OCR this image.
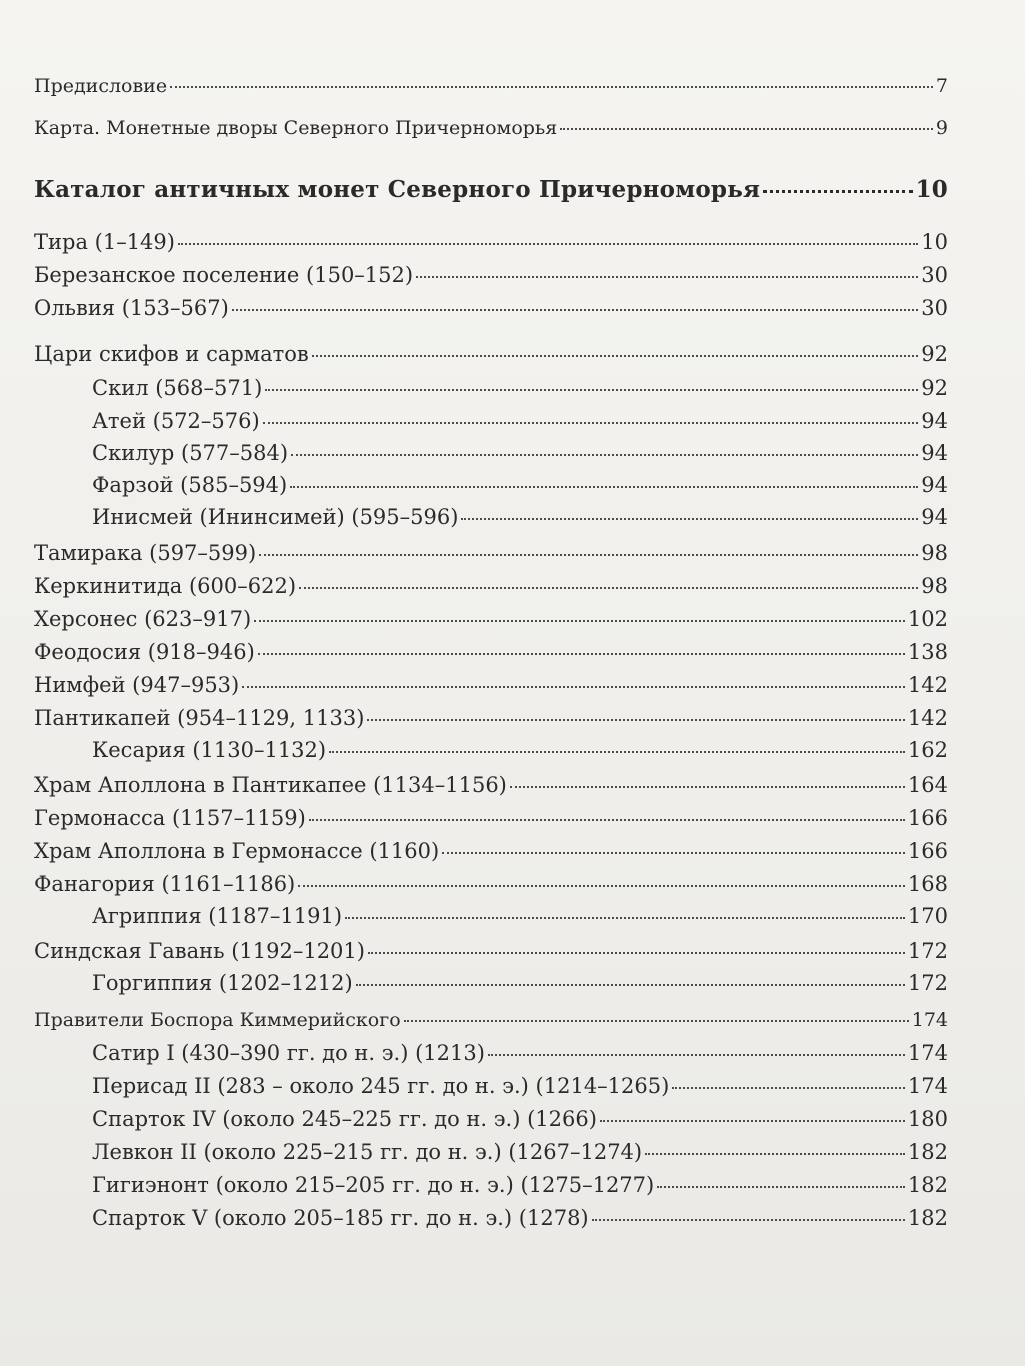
Предисловие	7
Карта. Монетные дворы Северного Причерноморья	9
Каталог античных монет Северного Причерноморья	10
Тира (1–149)	10
Березанское поселение (150–152)	30
Ольвия (153–567)	30
Цари скифов и сарматов	92
Скил (568–571)	92
Атей (572–576)	94
Скилур (577–584)	94
Фарзой (585–594)	94
Инисмей (Ининсимей) (595–596)	94
Тамирака (597–599)	98
Керкинитида (600–622)	98
Херсонес (623–917)	102
Феодосия (918–946)	138
Нимфей (947–953)	142
Пантикапей (954–1129, 1133)	142
Кесария (1130–1132)	162
Храм Аполлона в Пантикапее (1134–1156)	164
Гермонасса (1157–1159)	166
Храм Аполлона в Гермонассе (1160)	166
Фанагория (1161–1186)	168
Агриппия (1187–1191)	170
Синдская Гавань (1192–1201)	172
Горгиппия (1202–1212)	172
Правители Боспора Киммерийского	174
Сатир I (430–390 гг. до н. э.) (1213)	174
Перисад II (283 – около 245 гг. до н. э.) (1214–1265)	174
Спарток IV (около 245–225 гг. до н. э.) (1266)	180
Левкон II (около 225–215 гг. до н. э.) (1267–1274)	182
Гигиэнонт (около 215–205 гг. до н. э.) (1275–1277)	182
Спарток V (около 205–185 гг. до н. э.) (1278)	182
